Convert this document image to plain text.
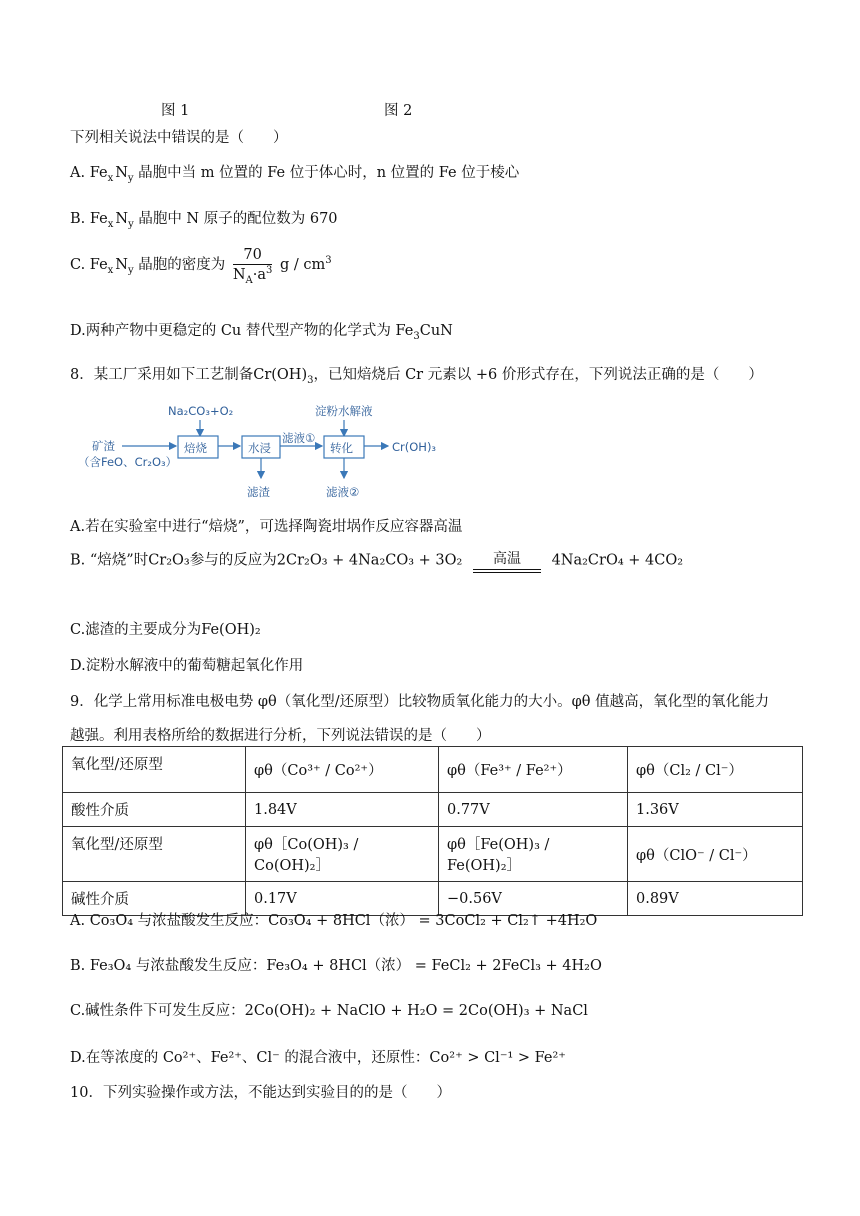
图 1	图 2
下列相关说法中错误的是（　　）
A. $Fe_x$ $N_y$ 晶胞中当 m 位置的 Fe 位于体心时，n 位置的 Fe 位于棱心
B. $Fe_x$ $N_y$ 晶胞中 N 原子的配位数为 670
C. $Fe_x$ $N_y$ 晶胞的密度为 $\frac{70}{N_A\cdot a^3}$ g / $cm^3$
D.两种产物中更稳定的 Cu 替代型产物的化学式为 $Fe_3CuN$
8．某工厂采用如下工艺制备$Cr(OH)_3$，已知焙烧后 Cr 元素以 +6 价形式存在，下列说法正确的是（　　）
Na₂CO₃+O₂	淀粉水解液
矿渣
（含FeO、Cr₂O₃）
焙烧	水浸
滤液①
转化	Cr(OH)₃
滤渣	滤液②
A.若在实验室中进行“焙烧”，可选择陶瓷坩埚作反应容器高温
B. “焙烧”时Cr₂O₃参与的反应为2Cr₂O₃ + 4Na₂CO₃ + 3O₂	高温	4Na₂CrO₄ + 4CO₂
C.滤渣的主要成分为Fe(OH)₂
D.淀粉水解液中的葡萄糖起氧化作用
9．化学上常用标准电极电势 φθ（氧化型/还原型）比较物质氧化能力的大小。φθ 值越高，氧化型的氧化能力
越强。利用表格所给的数据进行分析，下列说法错误的是（　　）
氧化型/还原型	φθ（Co³⁺ / Co²⁺）	φθ（Fe³⁺ / Fe²⁺）	φθ（Cl₂ / Cl⁻）
酸性介质	1.84V	0.77V	1.36V
氧化型/还原型	φθ［Co(OH)₃ / Co(OH)₂］	φθ［Fe(OH)₃ / Fe(OH)₂］	φθ（ClO⁻ / Cl⁻）
碱性介质	0.17V	−0.56V	0.89V
A. Co₃O₄ 与浓盐酸发生反应：Co₃O₄ + 8HCl（浓） = 3CoCl₂ + Cl₂↑ +4H₂O
B. Fe₃O₄ 与浓盐酸发生反应：Fe₃O₄ + 8HCl（浓） = FeCl₂ + 2FeCl₃ + 4H₂O
C.碱性条件下可发生反应：2Co(OH)₂ + NaClO + H₂O = 2Co(OH)₃ + NaCl
D.在等浓度的 Co²⁺、Fe²⁺、Cl⁻ 的混合液中，还原性：Co²⁺ > Cl⁻¹ > Fe²⁺
10．下列实验操作或方法，不能达到实验目的的是（　　）
